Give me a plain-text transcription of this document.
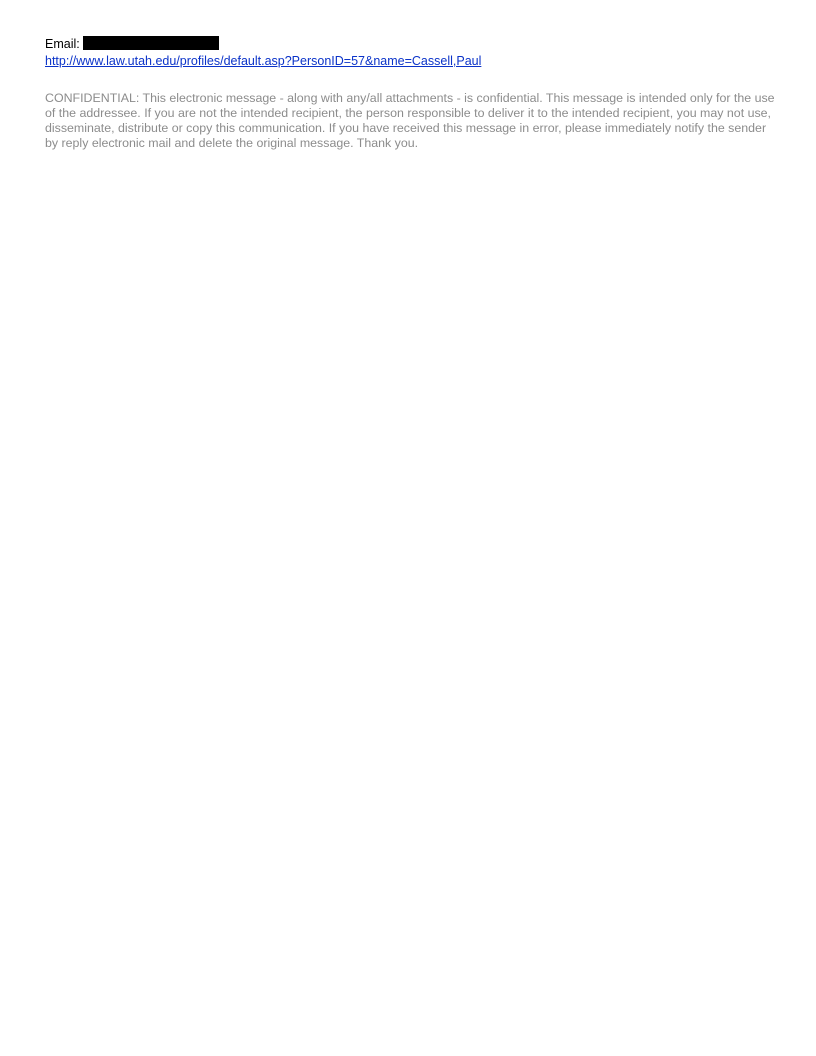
Email:
http://www.law.utah.edu/profiles/default.asp?PersonID=57&name=Cassell,Paul
CONFIDENTIAL: This electronic message - along with any/all attachments - is confidential. This message is intended only for the use of the addressee. If you are not the intended recipient, the person responsible to deliver it to the intended recipient, you may not use, disseminate, distribute or copy this communication. If you have received this message in error, please immediately notify the sender by reply electronic mail and delete the original message. Thank you.
